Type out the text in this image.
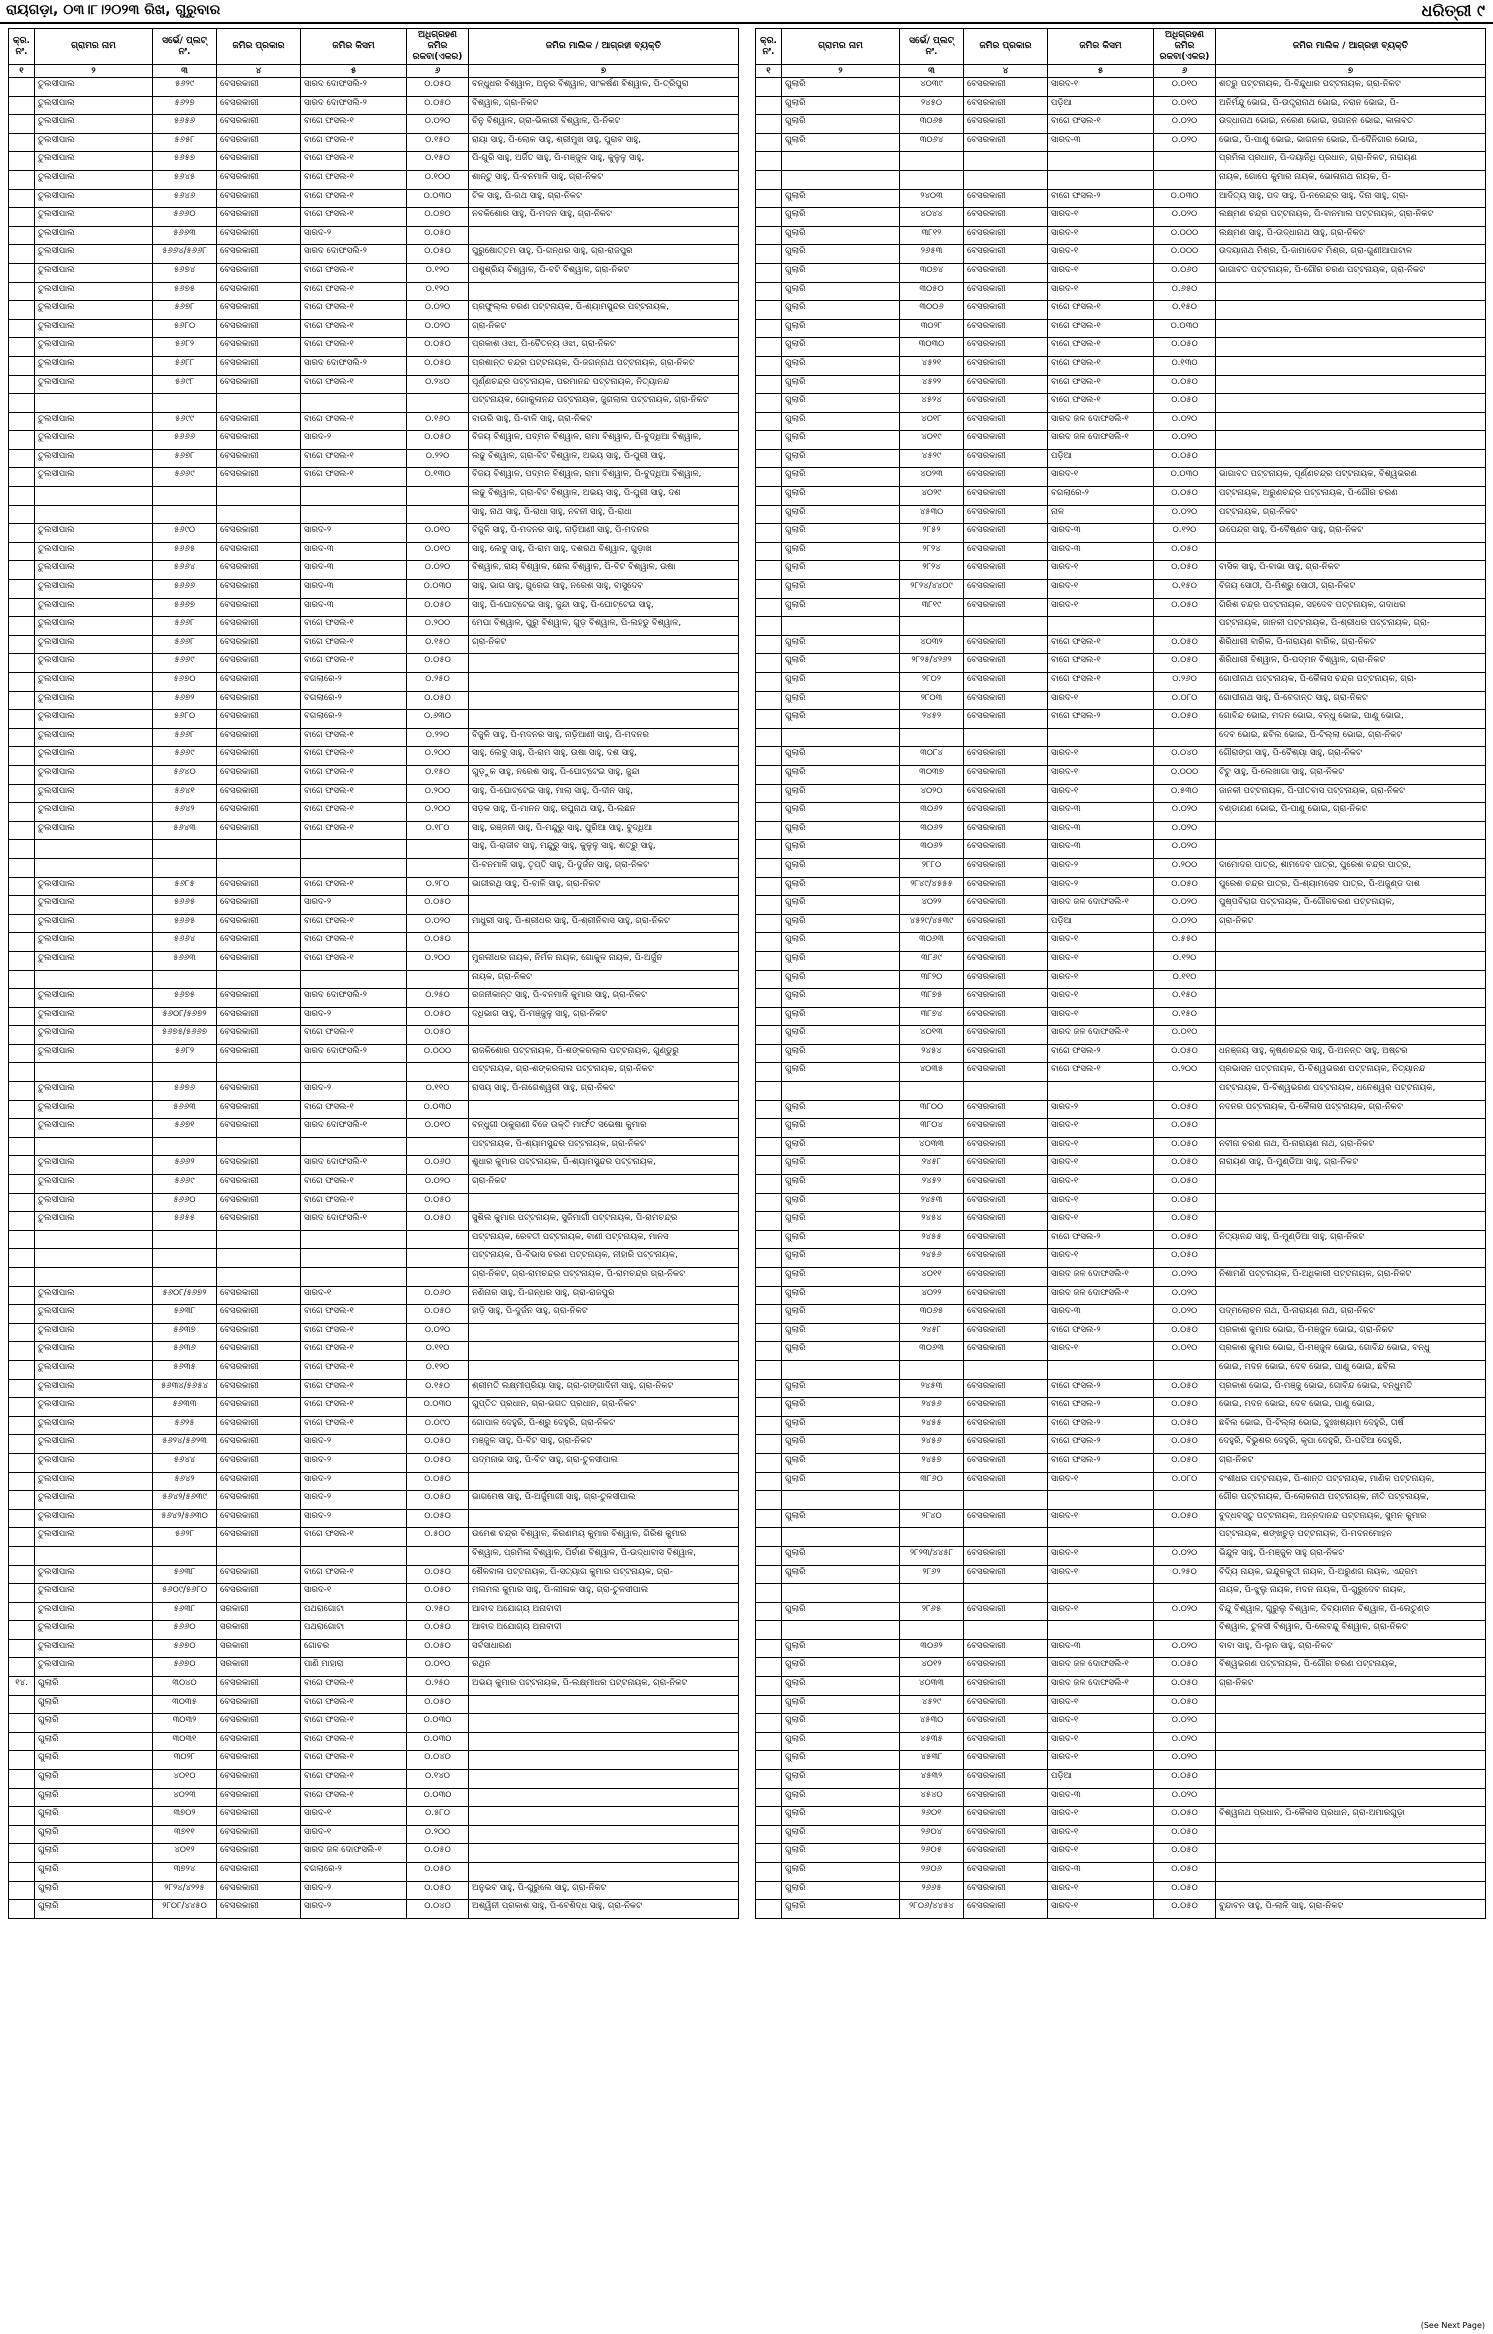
ରାୟଗଡ଼ା, ୦୩।୮।୨୦୨୩ ରିଖ, ଗୁରୁବାର	ଧରିତ୍ରୀ ୯
କ୍ର. ନଂ.	ଗ୍ରାମର ନାମ	ସର୍ଭେ/ ପ୍ଲଟ୍ ନଂ.	ଜମିର ପ୍ରକାର	ଜମିର କିସମ	ଅଧିଗ୍ରହଣ ଜମିର ରକବା(ଏକର)	ଜମିର ମାଲିକ / ଆଗ୍ରହୀ ବ୍ୟକ୍ତି
୧	୨	୩	୪	୫	୬	୭
	ତୁଲସୀପାଲ	୫୬୨୯	ବେସରକାରୀ	ସାରଦ ଦୋଫସଲି-୨	୦.୦୫୦	ବନ୍ଧୁଧର ବିଶ୍ୱାଳ, ଅନୁର ବିଶ୍ୱାଳ, ସାଂକର୍ଷଣ ବିଶ୍ୱାଳ, ପି-ତ୍ରିପୁରା
	ତୁଲସୀପାଲ	୫୬୨୭	ବେସରକାରୀ	ସାରଦ ଦୋଫସଲି-୨	୦.୦୫୦	ବିଶ୍ୱାଳ, ଗ୍ରା-ନିକଟ
	ତୁଲସୀପାଲ	୫୬୫୬	ବେସରକାରୀ	ବାଗେ ଫସଲ-୧	୦.୦୨୦	ଚିନୁ ବିଶ୍ୱାଳ, ଗ୍ରା-ଭିକାରୀ ବିଶ୍ୱାଳ, ପି-ନିକଟ
	ତୁଲସୀପାଲ	୫୬୫୮	ବେସରକାରୀ	ବାଗେ ଫସଲ-୧	୦.୧୫୦	ରାୟା ସାହୁ, ପି-ଲୋକ ସାହୁ, ଶ୍ରୀମୁଖ ସାହୁ, ପୁରାବ ସାହୁ,
	ତୁଲସୀପାଲ	୫୬୫୭	ବେସରକାରୀ	ବାଗେ ଫସଲ-୧	୦.୧୫୦	ପି-ଗୁରି ସାହୁ, ଅର୍ଜିତ ସାହୁ, ପି-ମଞ୍ଜୁଳ ସାହୁ, କୁଳୁଳୁ ସାହୁ,
	ତୁଲସୀପାଲ	୫୬୪୫	ବେସରକାରୀ	ବାଗେ ଫସଲ-୧	୦.୧୦୦	ଶାନ୍ତୁ ସାହୁ, ପି-ବନମାଳି ସାହୁ, ଗ୍ରା-ନିକଟ
	ତୁଲସୀପାଲ	୫୬୪୬	ବେସରକାରୀ	ବାଗେ ଫସଲ-୧	୦.୦୩୦	ଟିକ ସାହୁ, ପି-ରଥ ସାହୁ, ଗ୍ରା-ନିକଟ
	ତୁଲସୀପାଲ	୫୬୬୦	ବେସରକାରୀ	ବାଗେ ଫସଲ-୧	୦.୦୭୦	ନବକିଶୋର ସାହୁ, ପି-ମଦନ ସାହୁ, ଗ୍ରା-ନିକଟ
	ତୁଲସୀପାଲ	୫୬୬୩	ବେସରକାରୀ	ସାରଦ-୨	୦.୦୫୦	
	ତୁଲସୀପାଲ	୫୬୬୪/୫୬୬୮	ବେସରକାରୀ	ସାରଦ ଦୋଫସଲି-୨	୦.୦୫୦	ପୁରୁଷୋତ୍ତମ ସାହୁ, ପି-ଗନ୍ଧର ସାହୁ, ଗ୍ରା-ରାଜପୁର
	ତୁଲସୀପାଲ	୫୬୭୪	ବେସରକାରୀ	ବାଗେ ଫସଲ-୧	୦.୧୨୦	ପଶୁଶ୍ରିୟ ବିଶ୍ୱାଳ, ପି-ବଟି ବିଶ୍ୱାଳ, ଗ୍ରା-ନିକଟ
	ତୁଲସୀପାଲ	୫୬୭୫	ବେସରକାରୀ	ବାଗେ ଫସଲ-୧	୦.୧୨୦	
	ତୁଲସୀପାଲ	୫୬୭୮	ବେସରକାରୀ	ବାଗେ ଫସଲ-୧	୦.୦୨୦	ପ୍ରଫୁଲ୍ଲ ଚରଣ ପଟ୍ଟନାୟକ, ପି-ଶ୍ୟାମସୁନ୍ଦର ପଟ୍ଟନାୟକ,
	ତୁଲସୀପାଲ	୫୬୮୦	ବେସରକାରୀ	ବାଗେ ଫସଲ-୧	୦.୦୨୦	ଗ୍ରା-ନିକଟ
	ତୁଲସୀପାଲ	୫୬୮୨	ବେସରକାରୀ	ବାଗେ ଫସଲ-୧	୦.୦୫୦	ପ୍ରକାଶ ଓଝା, ପି-ଚୈତନ୍ୟ ଓଝା, ଗ୍ରା-ନିକଟ
	ତୁଲସୀପାଲ	୫୬୮୮	ବେସରକାରୀ	ସାରଦ ଦୋଫସଲି-୨	୦.୦୫୦	ପ୍ରଶାନ୍ତ ଚନ୍ଦ୍ର ପଟ୍ଟନାୟକ, ପି-ଜଗନ୍ନାଥ ପଟ୍ଟନାୟକ, ଗ୍ରା-ନିକଟ
	ତୁଲସୀପାଲ	୫୬୯୮	ବେସରକାରୀ	ବାଗେ ଫସଲ-୧	୦.୨୪୦	ପୂର୍ଣ୍ଣଚନ୍ଦ୍ର ପଟ୍ଟନାୟକ, ପରମାନନ୍ଦ ପଟ୍ଟନାୟକ, ନିତ୍ୟାନନ୍ଦ
						ପଟ୍ଟନାୟକ, ଗୋକୁଳାନନ୍ଦ ପଟ୍ଟନାୟକ, ଜୁଗଲାଲ ପଟ୍ଟନାୟକ, ଗ୍ରା-ନିକଟ
	ତୁଲସୀପାଲ	୫୬୯୯	ବେସରକାରୀ	ବାଗେ ଫସଲ-୧	୦.୧୬୦	ବାଉରି ସାହୁ, ପି-ବାଳି ସାହୁ, ଗ୍ରା-ନିକଟ
	ତୁଲସୀପାଲ	୫୬୬୬	ବେସରକାରୀ	ସାରଦ-୨	୦.୦୫୦	ବିଜୟ ବିଶ୍ୱାଳ, ପଦ୍ମନ ବିଶ୍ୱାଳ, ରାମା ବିଶ୍ୱାଳ, ପି-ବୁଦ୍ଧିଆ ବିଶ୍ୱାଳ,
	ତୁଲସୀପାଲ	୫୬୭୮	ବେସରକାରୀ	ବାଗେ ଫସଲ-୧	୦.୨୨୦	ଲଢୁ ବିଶ୍ୱାଳ, ଗ୍ରା-ବିଟ ବିଶ୍ୱାଳ, ଅଭୟ ସାହୁ, ପି-ପୁରୀ ସାହୁ,
	ତୁଲସୀପାଲ	୫୬୬୯	ବେସରକାରୀ	ବାଗେ ଫସଲ-୧	୦.୧୩୦	ବିଜୟ ବିଶ୍ୱାଳ, ପଦ୍ମନ ବିଶ୍ୱାଳ, ରାମା ବିଶ୍ୱାଳ, ପି-ବୁଦ୍ଧିଆ ବିଶ୍ୱାଳ,
						ଲଢୁ ବିଶ୍ୱାଳ, ଗ୍ରା-ବିଟ ବିଶ୍ୱାଳ, ଅଭୟ ସାହୁ, ପି-ପୁରୀ ସାହୁ, ଦଶ
						ସାହୁ, ନାଥ ସାହୁ, ପି-ରାଧା ସାହୁ, ନବନୀ ସାହୁ, ପି-ରାଧା
	ତୁଲସୀପାଲ	୫୬୯୦	ବେସରକାରୀ	ସାରଦ-୨	୦.୦୧୦	ବିଜୁଳି ସାହୁ, ପି-ମଦନର ସାହୁ, ନାଡ଼ିଆଣୀ ସାହୁ, ପି-ମଦନର
	ତୁଲସୀପାଲ	୫୬୬୫	ବେସରକାରୀ	ସାରଦ-୩	୦.୦୧୦	ସାହୁ, ଲେବୁ ସାହୁ, ପି-ରାମ ସାହୁ, ଦଶରଥ ବିଶ୍ୱାଳ, ଗୁଡ଼ାଖ
	ତୁଲସୀପାଲ	୫୬୬୪	ବେସରକାରୀ	ସାରଦ-୩	୦.୦୨୦	ବିଶ୍ୱାଳ, ରାୟ ବିଶ୍ୱାଳ, ଛେଲ ବିଶ୍ୱାଳ, ପି-ବିଟ ବିଶ୍ୱାଳ, ଉଷା
	ତୁଲସୀପାଲ	୫୬୬୬	ବେସରକାରୀ	ସାରଦ-୩	୦.୦୩୦	ସାହୁ, ଭାଗ ସାହୁ, ଗୁରେଇ ସାହୁ, ନରେଶ ସାହୁ, ବାସୁଦେବ
	ତୁଲସୀପାଲ	୫୬୬୭	ବେସରକାରୀ	ସାରଦ-୩	୦.୦୫୦	ସାହୁ, ପି-ଘୋଟ୍ଟେଇ ସାହୁ, ଜୁନ୍ଦା ସାହୁ, ପି-ଘୋଟ୍ଟେଇ ସାହୁ,
	ତୁଲସୀପାଲ	୫୬୬୮	ବେସରକାରୀ	ବାଗେ ଫସଲ-୧	୦.୨୦୦	ମେଘା ବିଶ୍ୱାଳ, ପୁରୁ ବିଶ୍ୱାଳ, ଗୁଡ଼ ବିଶ୍ୱାଳ, ପି-ଲହଡୁ ବିଶ୍ୱାଳ,
	ତୁଲସୀପାଲ	୫୬୬୮	ବେସରକାରୀ	ବାଗେ ଫସଲ-୧	୦.୧୫୦	ଗ୍ରା-ନିକଟ
	ତୁଲସୀପାଲ	୫୬୬୯	ବେସରକାରୀ	ବାଗେ ଫସଲ-୧	୦.୦୫୦	
	ତୁଲସୀପାଲ	୫୬୭୦	ବେସରକାରୀ	ବଗଲାରେ-୨	୦.୨୫୦	
	ତୁଲସୀପାଲ	୫୬୭୨	ବେସରକାରୀ	ବଗଲାରେ-୨	୦.୦୫୦	
	ତୁଲସୀପାଲ	୫୬୮୦	ବେସରକାରୀ	ବଗଲାରେ-୨	୦.୬୩୦	
	ତୁଲସୀପାଲ	୫୬୬୮	ବେସରକାରୀ	ବାଗେ ଫସଲ-୧	୦.୨୨୦	ବିଜୁଳି ସାହୁ, ପି-ମଦନର ସାହୁ, ନାଡ଼ିଆଣୀ ସାହୁ, ପି-ମଦନର
	ତୁଲସୀପାଲ	୫୬୬୯	ବେସରକାରୀ	ବାଗେ ଫସଲ-୧	୦.୨୦୦	ସାହୁ, ଲେବୁ ସାହୁ, ପି-ରାମ ସାହୁ, ଉଷା ସାହୁ, ଦଶ ସାହୁ,
	ତୁଲସୀପାଲ	୫୬୪୦	ବେସରକାରୀ	ବାଗେ ଫସଲ-୧	୦.୧୫୦	ଗୁଡ଼ୁକ ସାହୁ, ନରେଶ ସାହୁ, ପି-ଘୋଟ୍ଟେଇ ସାହୁ, ଜୁନ୍ଦା
	ତୁଲସୀପାଲ	୫୬୪୧	ବେସରକାରୀ	ବାଗେ ଫସଲ-୧	୦.୨୦୦	ସାହୁ, ପି-ଘୋଟ୍ଟେଇ ସାହୁ, ମାଲା ସାହୁ, ପି-ଦୀନ ସାହୁ,
	ତୁଲସୀପାଲ	୫୬୪୨	ବେସରକାରୀ	ବାଗେ ଫସଲ-୧	୦.୨୦୦	ସଡ଼କ ସାହୁ, ପି-ମାନନ ସାହୁ, ରଘୁନାଥ ସାହୁ, ପି-ଲଛନ
	ତୁଲସୀପାଲ	୫୬୪୩	ବେସରକାରୀ	ବାଗେ ଫସଲ-୧	୦.୧୮୦	ସାହୁ, ରଞ୍ଜନୀ ସାହୁ, ପି-ମନ୍ଦୁରୁ ସାହୁ, ପୁରିଆ ସାହୁ, ବୁଦ୍ଧିଆ
						ସାହୁ, ପି-ରାଜୀବ ସାହୁ, ମନ୍ଦୁରୁ ସାହୁ, କୁଳୁଳୁ ସାହୁ, ଶତ୍ରୁ ସାହୁ,
						ପି-ବନମାଳି ସାହୁ, ତୃପ୍ତି ସାହୁ, ପି-ଦୁର୍ଜନ ସାହୁ, ଗ୍ରା-ନିକଟ
	ତୁଲସୀପାଲ	୫୬୮୫	ବେସରକାରୀ	ବାଗେ ଫସଲ-୧	୦.୨୮୦	ଭାଗୀରଥି ସାହୁ, ପି-ବାଳି ସାହୁ, ଗ୍ରା-ନିକଟ
	ତୁଲସୀପାଲ	୫୬୬୫	ବେସରକାରୀ	ସାରଦ-୨	୦.୦୫୦	
	ତୁଲସୀପାଲ	୫୬୬୫	ବେସରକାରୀ	ବାଗେ ଫସଲ-୧	୦.୦୨୦	ମାଧୁରୀ ସାହୁ, ପି-ଶ୍ରୀଧର ସାହୁ, ପି-ଶ୍ରୀନିବାସ ସାହୁ, ଗ୍ରା-ନିକଟ
	ତୁଲସୀପାଲ	୫୬୬୪	ବେସରକାରୀ	ବାଗେ ଫସଲ-୧	୦.୦୫୦	
	ତୁଲସୀପାଲ	୫୬୬୩	ବେସରକାରୀ	ବାଗେ ଫସଲ-୧	୦.୨୦୦	ମୁରଲୀଧର ନାୟକ, ନିର୍ମଳ ନାୟକ, ଗୋକୁଳ ନାୟକ, ପି-ଅର୍ଜୁନ
						ନାୟକ, ଗ୍ରା-ନିକଟ
	ତୁଲସୀପାଲ	୫୬୭୫	ବେସରକାରୀ	ସାରଦ ଦୋଫସଲି-୨	୦.୨୫୦	ରଜନୀକାନ୍ତ ସାହୁ, ପି-ବନମାଳି କୁମାର ସାହୁ, ଗ୍ରା-ନିକଟ
	ତୁଲସୀପାଲ	୫୬୦୮/୫୬୭୨	ବେସରକାରୀ	ସାରଦ-୨	୦.୦୫୦	ଦଧିଭାଗ ସାହୁ, ପି-ମଞ୍ଜୁଳୁ ସାହୁ, ଗ୍ରା-ନିକଟ
	ତୁଲସୀପାଲ	୫୬୭୫/୫୬୬୭	ବେସରକାରୀ	ବାଗେ ଫସଲ-୧	୦.୦୫୦	
	ତୁଲସୀପାଲ	୫୬୮୨	ବେସରକାରୀ	ସାରଦ ଦୋଫସଲି-୨	୦.୦୦୦	ରାଜକିଶୋର ପଟ୍ଟନାୟକ, ପି-ଶଙ୍କରଲାଲ ପଟ୍ଟନାୟକ, ଗୁଣ୍ଡୁରୁ
						ପଟ୍ଟନାୟକ, ଗ୍ରା-ଶଙ୍କରଲାଲ ପଟ୍ଟନାୟକ, ଗ୍ରା-ନିକଟ
	ତୁଲସୀପାଲ	୫୬୭୬	ବେସରକାରୀ	ସାରଦ-୨	୦.୧୧୦	ରାସୟ ସାହୁ, ପି-ନାଗେଶ୍ୱରୀ ସାହୁ, ଗ୍ରା-ନିକଟ
	ତୁଲସୀପାଲ	୫୬୬୩	ବେସରକାରୀ	ବାଗେ ଫସଲ-୧	୦.୦୩୦	
	ତୁଲସୀପାଲ	୫୬୭୧	ବେସରକାରୀ	ସାରଦ ଦୋଫସଲି-୧	୦.୦୧୦	ବନ୍ଧୁଗୀ ଠାକୁରାଣୀ ବିଜେ ଉକ୍ତି ମାର୍ଫତ ସଭେଷା କୁମାର
						ପଟ୍ଟନାୟକ, ପି-ଶ୍ୟାମସୁନ୍ଦର ପଟ୍ଟନାୟକ, ଗ୍ରା-ନିକଟ
	ତୁଲସୀପାଲ	୫୬୬୨	ବେସରକାରୀ	ସାରଦ ଦୋଫସଲି-୧	୦.୦୬୦	ଶୁଧାର କୁମାର ପଟ୍ଟନାୟକ, ପି-ଶ୍ୟାମସୁନ୍ଦର ପଟ୍ଟନାୟକ,
	ତୁଲସୀପାଲ	୫୬୬୯	ବେସରକାରୀ	ବାଗେ ଫସଲ-୧	୦.୦୨୦	ଗ୍ରା-ନିକଟ
	ତୁଲସୀପାଲ	୫୬୬୦	ବେସରକାରୀ	ବାଗେ ଫସଲ-୧	୦.୦୫୦	
	ତୁଲସୀପାଲ	୫୬୫୫	ବେସରକାରୀ	ସାରଦ ଦୋଫସଲି-୧	୦.୦୫୦	ସୁଶିଲ କୁମାର ପଟ୍ଟନାୟକ, ସୁଜିମାର୍ଗୀ ପଟ୍ଟନାୟକ, ପି-ରାମଚନ୍ଦ୍ର
						ପଟ୍ଟନାୟକ, ରେବତୀ ପଟ୍ଟନାୟକ, ବାଣୀ ପଟ୍ଟନାୟକ, ମାନସ
						ପଟ୍ଟନାୟକ, ପି-ବିଭାସ ଚରଣ ପଟ୍ଟନାୟକ, ନୀହାରି ପଟ୍ଟନାୟକ,
						ଗ୍ରା-ନିକଟ, ଗ୍ରା-ରାମଚନ୍ଦ୍ର ପଟ୍ଟନାୟକ, ପି-ରାମଚନ୍ଦ୍ର ଗ୍ରା-ନିକଟ
	ତୁଲସୀପାଲ	୫୬୦୮/୫୬୭୨	ବେସରକାରୀ	ସାରଦ-୧	୦.୦୬୦	ନଣିନାର ସାହୁ, ପି-ଗନ୍ଧର ସାହୁ, ଗ୍ରା-ରାଜପୁର
	ତୁଲସୀପାଲ	୫୬୩୮	ବେସରକାରୀ	ବାଗେ ଫସଲ-୧	୦.୦୫୦	ହାଡ଼ି ସାହୁ, ପି-ଦୁର୍ଜନ ସାହୁ, ଗ୍ରା-ନିକଟ
	ତୁଲସୀପାଲ	୫୬୩୭	ବେସରକାରୀ	ବାଗେ ଫସଲ-୧	୦.୦୨୦	
	ତୁଲସୀପାଲ	୫୬୩୬	ବେସରକାରୀ	ବାଗେ ଫସଲ-୧	୦.୧୧୦	
	ତୁଲସୀପାଲ	୫୬୩୫	ବେସରକାରୀ	ବାଗେ ଫସଲ-୧	୦.୧୨୦	
	ତୁଲସୀପାଲ	୫୬୩୪/୫୬୫୪	ବେସରକାରୀ	ବାଗେ ଫସଲ-୧	୦.୧୫୦	ଶ୍ରୀମତି ଲକ୍ଷ୍ମୀପ୍ରିୟା ସାହୁ, ଗ୍ରା-ଗଙ୍ଗାଦିନୀ ସାହୁ, ଗ୍ରା-ନିକଟ
	ତୁଲସୀପାଲ	୫୬୩୩	ବେସରକାରୀ	ବାଗେ ଫସଲ-୧	୦.୦୩୦	ଗୁପ୍ତିତ ପ୍ରଧାନ, ଗ୍ରା-ଭଗତ ପ୍ରଧାନ, ଗ୍ରା-ନିକଟ
	ତୁଲସୀପାଲ	୫୬୨୫	ବେସରକାରୀ	ବାଗେ ଫସଲ-୧	୦.୦୯୦	ଗୋପାଳ ଦେହୁରି, ପି-ଶ୍ରୁ ଦେହୁରି, ଗ୍ରା-ନିକଟ
	ତୁଲସୀପାଲ	୫୬୨୪/୫୬୨୩	ବେସରକାରୀ	ସାରଦ-୨	୦.୦୫୦	ମଞ୍ଜୁଳ ସାହୁ, ପି-ବିଟ ସାହୁ, ଗ୍ରା-ନିକଟ
	ତୁଲସୀପାଲ	୫୬୪୪	ବେସରକାରୀ	ସାରଦ-୨	୦.୦୫୦	ପଦ୍ମନାଭ ସାହୁ, ପି-ବିଟ ସାହୁ, ଗ୍ରା-ତୁଳସୀପାଲ
	ତୁଲସୀପାଲ	୫୬୪୨	ବେସରକାରୀ	ସାରଦ-୨	୦.୦୫୦	
	ତୁଲସୀପାଲ	୫୬୪୨/୫୬୩୯	ବେସରକାରୀ	ସାରଦ-୨	୦.୦୫୦	ଭାଗମେଷ ସାହୁ, ପି-ଅର୍ଜୁମାଗୀ ସାହୁ, ଗ୍ରା-ତୁଳସୀପାଲ
	ତୁଲସୀପାଲ	୫୬୪୨/୫୬୩୦	ବେସରକାରୀ	ସାରଦ-୨	୦.୦୫୦	
	ତୁଲସୀପାଲ	୫୬୨୮	ବେସରକାରୀ	ବାଗେ ଫସଲ-୧	୦.୫୦୦	ଉମେଶ ଚନ୍ଦ୍ର ବିଶ୍ୱାଳ, କିରଣମୟ କୁମାର ବିଶ୍ୱାଳ, ଗିରିଶ କୁମାର
						ବିଶ୍ୱାଳ, ପ୍ରମିଳା ବିଶ୍ୱାଳ, ପିର୍ଚାଣ ବିଶ୍ୱାଳ, ପି-ଉଦ୍ଧାବାସ ବିଶ୍ୱାଳ,
	ତୁଲସୀପାଲ	୫୬୩୮	ବେସରକାରୀ	ବାଗେ ଫସଲ-୧	୦.୦୫୦	ଶୈଳବାଳା ପଟ୍ଟନାୟକ, ପି-ସତ୍ୟାଗ କୁମାର ପଟ୍ଟନାୟକ, ଗ୍ରା-
	ତୁଲସୀପାଲ	୫୬୦୯/୫୬୮୦	ବେସରକାରୀ	ସାରଦ-୧	୦.୦୫୦	ମଲମଲ କୁମାର ସାହୁ, ପି-ଲୀଳାକ ସାହୁ, ଗ୍ରା-ତୁଳସୀପାଲ
	ତୁଲସୀପାଲ	୫୬୩୮	ସରକାରୀ	ପଥରାଗୋଟା	୦.୨୫୦	ଆବାଦ ଅଯୋଗ୍ୟ ଅନାବାଦୀ
	ତୁଲସୀପାଲ	୫୬୬୦	ସରକାରୀ	ପଥରାଗୋଟା	୦.୦୫୦	ଆବାଦ ଅଯୋଗ୍ୟ ଅନାବାଦୀ
	ତୁଲସୀପାଲ	୫୬୭୦	ସରକାରୀ	ଗୋଚର	୦.୦୫୦	ସର୍ବସାଧାରଣ
	ତୁଲସୀପାଲ	୫୬୭୦	ସରକାରୀ	ପାଣି ମାହାରା	୦.୦୧୦	ରଥିନ
୧୪.	ଗୁଲାରି	୩୦୪୦	ବେସରକାରୀ	ବାଗେ ଫସଲ-୧	୦.୨୫୦	ଅଭୟ କୁମାର ପଟ୍ଟନାୟକ, ପି-ଲକ୍ଷ୍ମୀଧର ପଟ୍ଟନାୟକ, ଗ୍ରା-ନିକଟ
	ଗୁଲାରି	୩୦୩୫	ବେସରକାରୀ	ବାଗେ ଫସଲ-୧	୦.୦୫୦	
	ଗୁଲାରି	୩୦୩୨	ବେସରକାରୀ	ବାଗେ ଫସଲ-୧	୦.୦୩୦	
	ଗୁଲାରି	୩୦୩୧	ବେସରକାରୀ	ବାଗେ ଫସଲ-୧	୦.୦୩୦	
	ଗୁଲାରି	୩୦୨୮	ବେସରକାରୀ	ବାଗେ ଫସଲ-୧	୦.୦୪୦	
	ଗୁଲାରି	୪୦୧୦	ବେସରକାରୀ	ବାଗେ ଫସଲ-୧	୦.୧୪୦	
	ଗୁଲାରି	୪୦୨୩	ବେସରକାରୀ	ବାଗେ ଫସଲ-୧	୦.୦୩୦	
	ଗୁଲାରି	୩୭୦୨	ବେସରକାରୀ	ସାରଦ-୧	୦.୫୮୦	
	ଗୁଲାରି	୩୭୧୧	ବେସରକାରୀ	ସାରଦ-୧	୦.୨୦୦	
	ଗୁଲାରି	୪୦୧୨	ବେସରକାରୀ	ସାରଦ ଜଳ ଦୋଫସଲି-୧	୦.୦୫୦	
	ଗୁଲାରି	୩୭୨୪	ବେସରକାରୀ	ବଗଲାରେ-୨	୦.୦୫୦	
	ଗୁଲାରି	୨୮୨୪/୪୨୨୫	ବେସରକାରୀ	ସାରଦ-୨	୦.୦୫୦	ଅନୁଭବ ସାହୁ, ପି-ଗୁରୁଲେ ସାହୁ, ଗ୍ରା-ନିକଟ
	ଗୁଲାରି	୨୮୦୮/୪୪୫୦	ବେସରକାରୀ	ସାରଦ-୨	୦.୦୪୦	ଅଶ୍ୱିନୀ ପ୍ରକାଶ ସାହୁ, ପି-ବେଶିଦ୍ଧ ସାହୁ, ଗ୍ରା-ନିକଟ
କ୍ର. ନଂ.	ଗ୍ରାମର ନାମ	ସର୍ଭେ/ ପ୍ଲଟ୍ ନଂ.	ଜମିର ପ୍ରକାର	ଜମିର କିସମ	ଅଧିଗ୍ରହଣ ଜମିର ରକବା(ଏକର)	ଜମିର ମାଲିକ / ଆଗ୍ରହୀ ବ୍ୟକ୍ତି
୧	୨	୩	୪	୫	୬	୭
	ଗୁଲାରି	୪୦୩୯	ବେସରକାରୀ	ସାରଦ-୧	୦.୦୧୦	ଶତ୍ରୁ ପଟ୍ଟନାୟକ, ପି-ବିନ୍ଦୁଧାର ପଟ୍ଟନାୟକ, ଗ୍ରା-ନିକଟ
	ଗୁଲାରି	୨୪୫୦	ବେସରକାରୀ	ପଡ଼ିଆ	୦.୦୧୦	ଅନିର୍ମନ୍ଦୁ ଭୋଇ, ପି-ଉତ୍ତ୍ରାନାଥ ଭୋଇ, ନରାନ ଭୋଇ, ପି-
	ଗୁଲାରି	୩୦୬୫	ବେସରକାରୀ	ବାଗେ ଫସଲ-୧	୦.୦୨୦	ଉଦ୍ଧାନାଥ ଭୋଇ, ନରେଣ ଭୋଇ, ସଗାନନ ଭୋଇ, କାଳାବତ
	ଗୁଲାରି	୩୦୬୪	ବେସରକାରୀ	ସାରଦ-୩	୦.୦୨୦	ଭୋଇ, ପି-ପାଣୁ ଭୋଇ, ଭାଗନଳ ଭୋଇ, ପି-ଦୈନିଗାର ଭୋଇ,
						ପ୍ରମିଳା ପ୍ରଧାନ, ପି-ଦୟାନିଧି ପ୍ରଧାନ, ଗ୍ରା-ନିକଟ, ନାରାୟଣ
						ନାୟକ, ଗୋପେ କୁମାର ନାୟକ, ଭୋଳାନାଥ ନାୟକ, ପି-
	ଗୁଲାରି	୨୪୦୩	ବେସରକାରୀ	ବାଗେ ଫସଲ-୨	୦.୦୩୦	ଆଦିତ୍ୟ ସାହୁ, ପଦ ସାହୁ, ପି-ନରେନ୍ଦ୍ର ସାହୁ, ଦିନା ସାହୁ, ଗ୍ରା-
	ଗୁଲାରି	୪୦୪୪	ବେସରକାରୀ	ସାରଦ-୧	୦.୦୨୦	ଲକ୍ଷ୍ମଣ ଚନ୍ଦ୍ର ପଟ୍ଟନାୟକ, ପି-ବାନମାଲ ପଟ୍ଟନାୟକ, ଗ୍ରା-ନିକଟ
	ଗୁଲାରି	୩୮୧୨	ବେସରକାରୀ	ସାରଦ-୧	୦.୦୦୦	ଲକ୍ଷ୍ମଣ ସାହୁ, ପି-ଉଦ୍ଧାନାଥ ସାହୁ, ଗ୍ରା-ନିକଟ
	ଗୁଲାରି	୨୬୫୩	ବେସରକାରୀ	ସାରଦ-୧	୦.୦୦୦	ଉଦୟାନାଥ ମିଶ୍ର, ପି-ଜାମାଡେବ ମିଶ୍ର, ଗ୍ରା-ଗୁଣୀଆପାଟାଳ
	ଗୁଲାରି	୩୦୭୪	ବେସରକାରୀ	ସାରଦ-୧	୦.୦୬୦	ଭାଗାବତ ପଟ୍ଟନାୟକ, ପି-ଗୌର ଚରଣ ପଟ୍ଟନାୟକ, ଗ୍ରା-ନିକଟ
	ଗୁଲାରି	୩୦୫୦	ବେସରକାରୀ	ସାରଦ-୧	୦.୬୫୦	
	ଗୁଲାରି	୩୦୦୬	ବେସରକାରୀ	ବାଗେ ଫସଲ-୧	୦.୧୫୦	
	ଗୁଲାରି	୩୦୨୮	ବେସରକାରୀ	ବାଗେ ଫସଲ-୧	୦.୦୩୦	
	ଗୁଲାରି	୩୦୩୦	ବେସରକାରୀ	ବାଗେ ଫସଲ-୧	୦.୦୫୦	
	ଗୁଲାରି	୪୫୨୧	ବେସରକାରୀ	ବାଗେ ଫସଲ-୧	୦.୧୩୦	
	ଗୁଲାରି	୪୫୨୨	ବେସରକାରୀ	ବାଗେ ଫସଲ-୧	୦.୦୫୦	
	ଗୁଲାରି	୪୫୨୪	ବେସରକାରୀ	ବାଗେ ଫସଲ-୧	୦.୦୫୦	
	ଗୁଲାରି	୪୦୧୮	ବେସରକାରୀ	ସାରଦ ଜଳ ଦୋଫସଲି-୧	୦.୦୨୦	
	ଗୁଲାରି	୪୦୧୯	ବେସରକାରୀ	ସାରଦ ଜଳ ଦୋଫସଲି-୧	୦.୦୨୦	
	ଗୁଲାରି	୪୫୨୯	ବେସରକାରୀ	ପଡ଼ିଆ	୦.୦୫୦	
	ଗୁଲାରି	୪୦୨୩	ବେସରକାରୀ	ସାରଦ-୧	୦.୦୩୦	ଭାଗାବତ ପଟ୍ଟନାୟକ, ପୂର୍ଣ୍ଣଚନ୍ଦ୍ର ପଟ୍ଟନାୟକ, ବିଶ୍ୱଭରଣ
	ଗୁଲାରି	୪୦୨୯	ବେସରକାରୀ	ବଗଲାରେ-୨	୦.୦୫୦	ପଟ୍ଟନାୟକ, ଅରୁଣଚନ୍ଦ୍ର ପଟ୍ଟନାୟକ, ପି-ଗୌର ଚରଣ
	ଗୁଲାରି	୪୫୩୦	ବେସରକାରୀ	ନାଳ	୦.୦୨୦	ପଟ୍ଟନାୟକ, ଗ୍ରା-ନିକଟ
	ଗୁଲାରି	୨୮୫୨	ବେସରକାରୀ	ସାରଦ-୩	୦.୧୨୦	ଉପେନ୍ଦ୍ର ସାହୁ, ପି-ବୈଷ୍ଣବ ସାହୁ, ଗ୍ରା-ନିକଟ
	ଗୁଲାରି	୨୮୨୪	ବେସରକାରୀ	ସାରଦ-୩	୦.୦୫୦	
	ଗୁଲାରି	୨୮୨୪	ବେସରକାରୀ	ସାରଦ-୧	୦.୦୫୦	ବାସିକ ସାହୁ, ପି-ବାଭା ସାହୁ, ଗ୍ରା-ନିକଟ
	ଗୁଲାରି	୨୮୨୪/୪୪୦୯	ବେସରକାରୀ	ସାରଦ-୧	୦.୧୫୦	ବିଜୟ ସୋଠୀ, ପି-ମିଶ୍ରୁ ସୋଠୀ, ଗ୍ରା-ନିକଟ
	ଗୁଲାରି	୩୮୧୯	ବେସରକାରୀ	ସାରଦ-୧	୦.୦୫୦	ଗିରିଶ ଚନ୍ଦ୍ର ପଟ୍ଟନାୟକ, ସହଦେବ ପଟ୍ଟନାୟକ, ଗଦାଧର
						ପଟ୍ଟନାୟକ, ଜାନକୀ ପଟ୍ଟନାୟକ, ପି-ଶ୍ରୀଧର ପଟ୍ଟନାୟକ, ଗ୍ରା-
	ଗୁଲାରି	୪୦୩୨	ବେସରକାରୀ	ବାଗେ ଫସଲ-୧	୦.୦୫୦	ଶିରିଧାରୀ ବାରିକ, ପି-ନାରାୟଣ ବାରିକ, ଗ୍ରା-ନିକଟ
	ଗୁଲାରି	୨୮୨୫/୪୨୬୨	ବେସରକାରୀ	ବାଗେ ଫସଲ-୧	୦.୦୫୦	ଶିରିଧାରୀ ବିଶ୍ୱାଳ, ପି-ପଦ୍ମନ ବିଶ୍ୱାଳ, ଗ୍ରା-ନିକଟ
	ଗୁଲାରି	୨୮୦୨	ବେସରକାରୀ	ବାଗେ ଫସଲ-୧	୦.୨୬୦	ଗୋପୀନାଥ ପଟ୍ଟନାୟକ, ପି-କୈଳାସ ଚନ୍ଦ୍ର ପଟ୍ଟନାୟକ, ଗ୍ରା-
	ଗୁଲାରି	୨୮୦୩	ବେସରକାରୀ	ସାରଦ-୧	୦.୦୮୦	ଗୋପୀନାଥ ସାହୁ, ପି-ବେଦାନ୍ତ ସାହୁ, ଗ୍ରା-ନିକଟ
	ଗୁଲାରି	୨୪୫୨	ବେସରକାରୀ	ବାଗେ ଫସଲ-୨	୦.୦୫୦	ଗୋବିନ୍ଦ ଭୋଇ, ମଦନ ଭୋଇ, ବନ୍ଧୁ ଭୋଇ, ପାଣୁ ଭୋଇ,
						ଦେବ ଭୋଇ, ଛବିଲ ଭୋଇ, ପି-ଟିଲ୍ଲା ଭୋଇ, ଗ୍ରା-ନିକଟ
	ଗୁଲାରି	୩୦୮୪	ବେସରକାରୀ	ସାରଦ-୧	୦.୦୪୦	ଗୌରାଙ୍ଗ ସାହୁ, ପି-ବୈଶ୍ୟା ସାହୁ, ଗ୍ରା-ନିକଟ
	ଗୁଲାରି	୩୦୩୭	ବେସରକାରୀ	ସାରଦ-୧	୦.୦୦୦	ଟିଟୁ ସାହୁ, ପି-ଲେଖାଗା ସାହୁ, ଗ୍ରା-ନିକଟ
	ଗୁଲାରି	୪୦୨୦	ବେସରକାରୀ	ସାରଦ-୧	୦.୫୩୦	ଜାନକୀ ପଟ୍ଟନାୟକ, ପି-ପୀତବାସ ପଟ୍ଟନାୟକ, ଗ୍ରା-ନିକଟ
	ଗୁଲାରି	୩୦୬୨	ବେସରକାରୀ	ସାରଦ-୩	୦.୦୨୦	ବଣ୍ଡାଯଣ ଭୋଇ, ପି-ପାଣୁ ଭୋଇ, ଗ୍ରା-ନିକଟ
	ଗୁଲାରି	୩୦୬୨	ବେସରକାରୀ	ସାରଦ-୩	୦.୦୨୦	
	ଗୁଲାରି	୩୦୬୨	ବେସରକାରୀ	ସାରଦ-୩	୦.୦୨୦	
	ଗୁଲାରି	୨୮୮୦	ବେସରକାରୀ	ସାରଦ-୨	୦.୨୦୦	ଦାମୋଦର ପାତ୍ର, ଶାମଦେବ ପାତ୍ର, ପୁରେଶ ଚନ୍ଦ୍ର ପାତ୍ର,
	ଗୁଲାରି	୨୮୪୯/୪୫୫୫	ବେସରକାରୀ	ସାରଦ-୨	୦.୦୫୦	ପୁରେଶ ଚନ୍ଦ୍ର ପାତ୍ର, ପି-ଶ୍ୟାମସେବ ପାତ୍ର, ପି-ଅଜୁଣ୍ଡ ଦାଶ
	ଗୁଲାରି	୪୦୨୨	ବେସରକାରୀ	ସାରଦ ଜଳ ଦୋଫସଲି-୧	୦.୦୨୦	ପୁଷ୍ପବିରାଗ ପଟ୍ଟନାୟକ, ପି-ଗୌରଚରଣ ପଟ୍ଟନାୟକ,
	ଗୁଲାରି	୪୫୨୯/୪୫୩୯	ବେସରକାରୀ	ପଡ଼ିଆ	୦.୦୨୦	ଗ୍ରା-ନିକଟ
	ଗୁଲାରି	୩୦୬୩	ବେସରକାରୀ	ସାରଦ-୧	୦.୫୫୦	
	ଗୁଲାରି	୩୮୬୯	ବେସରକାରୀ	ସାରଦ-୧	୦.୧୨୦	
	ଗୁଲାରି	୩୮୨୦	ବେସରକାରୀ	ସାରଦ-୧	୦.୧୧୦	
	ଗୁଲାରି	୩୮୭୫	ବେସରକାରୀ	ସାରଦ-୧	୦.୧୫୦	
	ଗୁଲାରି	୩୮୭୪	ବେସରକାରୀ	ସାରଦ-୧	୦.୧୫୦	
	ଗୁଲାରି	୪୦୧୩	ବେସରକାରୀ	ସାରଦ ଜଳ ଦୋଫସଲି-୧	୦.୦୧୦	
	ଗୁଲାରି	୨୪୫୪	ବେସରକାରୀ	ବାଗେ ଫସଲ-୨	୦.୦୫୦	ଧନଞ୍ଜୟ ସାହୁ, କୃଷ୍ଣଚନ୍ଦ୍ର ସାହୁ, ପି-ଅନନ୍ତ ସାହୁ, ଅଷ୍ଟର
	ଗୁଲାରି	୪୦୩୫	ବେସରକାରୀ	ବାଗେ ଫସଲ-୧	୦.୨୦୦	ପ୍ରଭାସନ ପଟ୍ଟନାୟକ, ପି-ବିଶ୍ୱଭରଣ ପଟ୍ଟନାୟକ, ନିତ୍ୟାନନ୍ଦ
						ପଟ୍ଟନାୟକ, ପି-ବିଶ୍ୱଭରଣ ପଟ୍ଟନାୟକ, ଧନେଶ୍ୱର ପଟ୍ଟନାୟକ,
	ଗୁଲାରି	୩୮୦୦	ବେସରକାରୀ	ସାରଦ-୨	୦.୦୫୦	ନଦନର ପଟ୍ଟନାୟକ, ପି-କୈଳାସ ପଟ୍ଟନାୟକ, ଗ୍ରା-ନିକଟ
	ଗୁଲାରି	୩୮୦୪	ବେସରକାରୀ	ସାରଦ-୧	୦.୦୫୦	
	ଗୁଲାରି	୪୦୩୩	ବେସରକାରୀ	ସାରଦ-୧	୦.୦୫୦	ନବୀନା ଚରଣ ନାଥ, ପି-ନାରାୟଣ ନାଥ, ଗ୍ରା-ନିକଟ
	ଗୁଲାରି	୨୪୫୮	ବେସରକାରୀ	ସାରଦ-୧	୦.୦୫୦	ନାରାୟଣ ସାହୁ, ପି-ମୁଣ୍ଡିଆ ସାହୁ, ଗ୍ରା-ନିକଟ
	ଗୁଲାରି	୨୪୫୨	ବେସରକାରୀ	ସାରଦ-୧	୦.୦୫୦	
	ଗୁଲାରି	୨୪୫୩	ବେସରକାରୀ	ସାରଦ-୧	୦.୦୫୦	
	ଗୁଲାରି	୨୪୫୪	ବେସରକାରୀ	ସାରଦ-୧	୦.୦୫୦	
	ଗୁଲାରି	୨୪୫୫	ବେସରକାରୀ	ବାଗେ ଫସଲ-୨	୦.୦୫୦	ନିତ୍ୟାନନ୍ଦ ସାହୁ, ପି-ମୁଣ୍ଡିଆ ସାହୁ, ଗ୍ରା-ନିକଟ
	ଗୁଲାରି	୨୪୫୬	ବେସରକାରୀ	ସାରଦ-୧	୦.୦୫୦	
	ଗୁଲାରି	୪୦୧୧	ବେସରକାରୀ	ସାରଦ ଜଳ ଦୋଫସଲି-୧	୦.୦୨୦	ନିଶାମଣି ପଟ୍ଟନାୟକ, ପି-ଅଧିକାରୀ ପଟ୍ଟନାୟକ, ଗ୍ରା-ନିକଟ
	ଗୁଲାରି	୪୦୨୨	ବେସରକାରୀ	ସାରଦ ଜଳ ଦୋଫସଲି-୧	୦.୦୨୦	
	ଗୁଲାରି	୩୦୬୫	ବେସରକାରୀ	ସାରଦ-୩	୦.୦୨୦	ପଦ୍ମଲୋଚନ ନାଥ, ପି-ନାରାୟଣ ନାଥ, ଗ୍ରା-ନିକଟ
	ଗୁଲାରି	୨୪୫୮	ବେସରକାରୀ	ବାଗେ ଫସଲ-୨	୦.୦୫୦	ପ୍ରକାଶ କୁମାର ଭୋଇ, ପି-ମଞ୍ଜୁଳ ଭୋଇ, ଗ୍ରା-ନିକଟ
	ଗୁଲାରି	୩୦୬୩	ବେସରକାରୀ	ସାରଦ-୧	୦.୦୧୦	ପ୍ରକାଶ କୁମାର ଭୋଇ, ପି-ମଞ୍ଜୁଳ ଭୋଇ, ଗୋବିନ୍ଦ ଭୋଇ, ବନ୍ଧୁ
						ଭୋଇ, ମଦନ ଭୋଇ, ଦେବ ଭୋଇ, ପାଣୁ ଭୋଇ, ଛବିଲ
	ଗୁଲାରି	୨୪୫୩	ବେସରକାରୀ	ବାଗେ ଫସଲ-୨	୦.୦୫୦	ପ୍ରକାଶ ଭୋଇ, ପି-ମଞ୍ଜୁ ଭୋଇ, ଗୋବିନ୍ଦ ଭୋଇ, ବନ୍ଧୁମତି
	ଗୁଲାରି	୨୪୫୬	ବେସରକାରୀ	ବାଗେ ଫସଲ-୨	୦.୦୫୦	ଭୋଇ, ମଦନ ଭୋଇ, ଦେବ ଭୋଇ, ପାଣୁ ଭୋଇ,
	ଗୁଲାରି	୨୪୫୫	ବେସରକାରୀ	ବାଗେ ଫସଲ-୨	୦.୦୫୦	ଛବିଲ ଭୋଇ, ପି-ଟିଲ୍ଲା ଭୋଇ, ଦୁଃଖଶ୍ୟାମ ଦେହୁରି, ତାର୍ଷ
	ଗୁଲାରି	୨୪୫୬	ବେସରକାରୀ	ବାଗେ ଫସଲ-୨	୦.୦୫୦	ଦେହୁରି, ବିଭୁଶର ଦେହୁରି, କୃପା ଦେହୁରି, ପି-ପଟିଆ ଦେହୁରି,
	ଗୁଲାରି	୨୪୫୭	ବେସରକାରୀ	ବାଗେ ଫସଲ-୨	୦.୦୫୦	ଗ୍ରା-ନିକଟ
	ଗୁଲାରି	୩୮୬୦	ବେସରକାରୀ	ସାରଦ-୧	୦.୦୮୦	ବଂଶୀଧର ପଟ୍ଟନାୟକ, ପି-ଶାନ୍ତ ପଟ୍ଟନାୟକ, ମାଣିକ ପଟ୍ଟନାୟକ,
						ଗୌର ପଟ୍ଟନାୟକ, ପି-ଲୋକନାଥ ପଟ୍ଟନାୟକ, ନୀତି ପଟ୍ଟନାୟକ,
	ଗୁଲାରି	୨୮୪୦	ବେସରକାରୀ	ସାରଦ-୧	୦.୦୫୦	ବୁଦ୍ଧବସ୍ତୁ ପଟ୍ଟନାୟକ, ଅନ୍ନଦାନନ୍ଦ ପଟ୍ଟନାୟକ, ସୁମନ କୁମାର
						ପଟ୍ଟନାୟକ, ଶଙ୍ଖଚୁଡ଼ ପଟ୍ଟନାୟକ, ପି-ମଦନମୋହନ
	ଗୁଲାରି	୨୮୨୩/୪୪୫୮	ବେସରକାରୀ	ସାରଦ-୧	୦.୦୨୦	ଭିନ୍ଦୁଳ ସାହୁ, ପି-ମଞ୍ଜୁଳ ସାହୁ ଗ୍ରା-ନିକଟ
	ଗୁଲାରି	୨୮୬୨	ବେସରକାରୀ	ସାରଦ-୧	୦.୨୫୦	ବିଦ୍ୟି ନାୟକ, ଇନ୍ଦୁରକୁତୀ ନାୟକ, ପି-ଅରୁଣଗ ନାୟକ, ଏନ୍ଦ୍ରମ
						ନାୟକ, ପି-ଝୁଲୁ ନାୟକ, ମଦନ ନାୟକ, ପି-ଗୁରୁଦେବ ନାୟକ,
	ଗୁଲାରି	୨୮୬୫	ବେସରକାରୀ	ସାରଦ-୧	୦.୦୨୦	ବିନ୍ଦୁ ବିଶ୍ୱାଳ, ଗୁରୁଲୁ ବିଶ୍ୱାଳ, ଦିବ୍ୟାନୀନ ବିଶ୍ୱାଳ, ପି-ଲେତୁଣ୍ଡ
						ବିଶ୍ୱାଳ, ତୁଳସୀ ବିଶ୍ୱାଳ, ପି-ଲେବନ୍ଦୁ ବିଶ୍ୱାଳ, ଗ୍ରା-ନିକଟ
	ଗୁଲାରି	୩୦୬୨	ବେସରକାରୀ	ସାରଦ-୩	୦.୦୨୦	ବାବା ସାହୁ, ପି-ଲୁନ ସାହୁ, ଗ୍ରା-ନିକଟ
	ଗୁଲାରି	୪୦୧୨	ବେସରକାରୀ	ସାରଦ ଜଳ ଦୋଫସଲି-୧	୦.୦୫୦	ବିଶ୍ୱଭରଣ ପଟ୍ଟନାୟକ, ପି-ଗୌର ଚରଣ ପଟ୍ଟନାୟକ,
	ଗୁଲାରି	୪୦୩୩	ବେସରକାରୀ	ସାରଦ ଜଳ ଦୋଫସଲି-୧	୦.୦୫୦	ଗ୍ରା-ନିକଟ
	ଗୁଲାରି	୪୫୨୯	ବେସରକାରୀ	ସାରଦ-୧	୦.୦୫୦	
	ଗୁଲାରି	୪୫୩୦	ବେସରକାରୀ	ସାରଦ-୧	୦.୦୨୦	
	ଗୁଲାରି	୪୫୩୫	ବେସରକାରୀ	ସାରଦ-୧	୦.୦୨୦	
	ଗୁଲାରି	୪୫୩୮	ବେସରକାରୀ	ସାରଦ-୧	୦.୦୨୦	
	ଗୁଲାରି	୪୫୩୨	ବେସରକାରୀ	ପଡ଼ିଆ	୦.୦୫୦	
	ଗୁଲାରି	୪୫୪୦	ବେସରକାରୀ	ସାରଦ-୩	୦.୦୨୦	
	ଗୁଲାରି	୨୬୦୧	ବେସରକାରୀ	ସାରଦ-୧	୦.୦୫୦	ବିଶ୍ୱନାଥ ପ୍ରଧାନ, ପି-କୈଳାସ ପ୍ରଧାନ, ଗ୍ରା-ଅମାରଗୁଡ଼ା
	ଗୁଲାରି	୨୬୦୪	ବେସରକାରୀ	ସାରଦ-୧	୦.୦୫୦	
	ଗୁଲାରି	୨୬୦୫	ବେସରକାରୀ	ସାରଦ-୧	୦.୦୫୦	
	ଗୁଲାରି	୨୬୦୬	ବେସରକାରୀ	ସାରଦ-୩	୦.୦୫୦	
	ଗୁଲାରି	୨୬୬୫	ବେସରକାରୀ	ସାରଦ-୧	୦.୦୫୦	
	ଗୁଲାରି	୨୮୦୬/୪୪୫୪	ବେସରକାରୀ	ସାରଦ-୧	୦.୦୫୦	ବୁନ୍ଦାବନ ସାହୁ, ପି-ଲାଳି ସାହୁ, ଗ୍ରା-ନିକଟ
(See Next Page)
